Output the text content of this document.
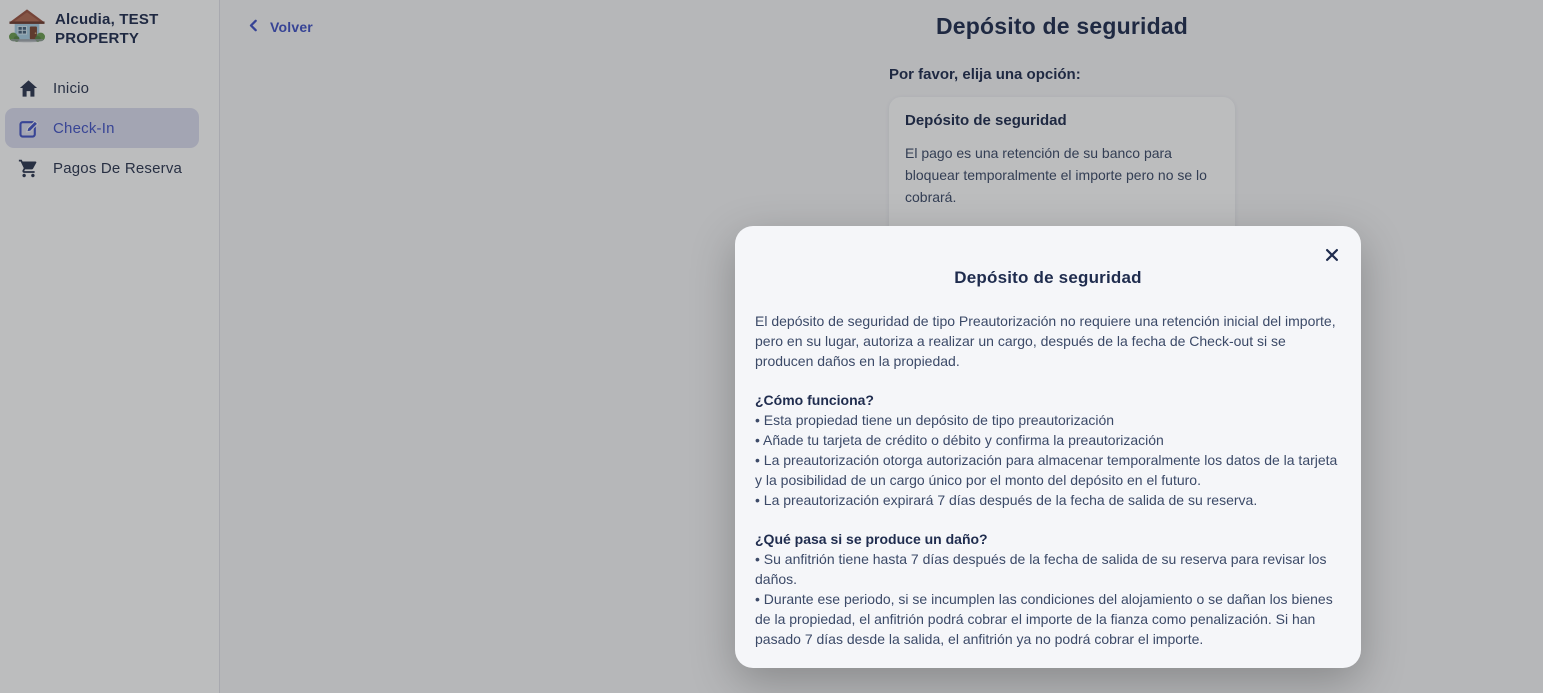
Alcudia, TEST PROPERTY
Inicio
Check-In
Pagos De Reserva
Volver	Depósito de seguridad
Por favor, elija una opción:
Depósito de seguridad

El pago es una retención de su banco para bloquear temporalmente el importe pero no se lo cobrará.

Depósito de seguridad

El depósito de seguridad de tipo Preautorización no requiere una retención inicial del importe, pero en su lugar, autoriza a realizar un cargo, después de la fecha de Check-out si se producen daños en la propiedad.

¿Cómo funciona?

• Esta propiedad tiene un depósito de tipo preautorización

• Añade tu tarjeta de crédito o débito y confirma la preautorización

• La preautorización otorga autorización para almacenar temporalmente los datos de la tarjeta y la posibilidad de un cargo único por el monto del depósito en el futuro.

• La preautorización expirará 7 días después de la fecha de salida de su reserva.

¿Qué pasa si se produce un daño?

• Su anfitrión tiene hasta 7 días después de la fecha de salida de su reserva para revisar los daños.

• Durante ese periodo, si se incumplen las condiciones del alojamiento o se dañan los bienes de la propiedad, el anfitrión podrá cobrar el importe de la fianza como penalización. Si han pasado 7 días desde la salida, el anfitrión ya no podrá cobrar el importe.
